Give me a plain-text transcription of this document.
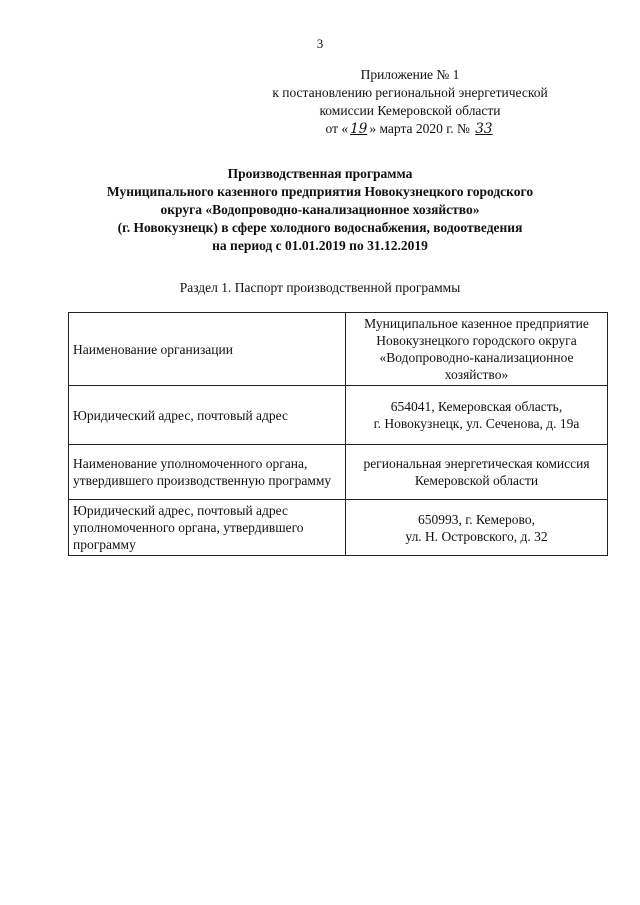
3
Приложение № 1
к постановлению региональной энергетической
комиссии Кемеровской области
от « 19 » марта 2020 г. № 33
Производственная программа
Муниципального казенного предприятия Новокузнецкого городского
округа «Водопроводно-канализационное хозяйство»
(г. Новокузнецк) в сфере холодного водоснабжения, водоотведения
на период с 01.01.2019 по 31.12.2019
Раздел 1. Паспорт производственной программы
Наименование организации	Муниципальное казенное предприятие
Новокузнецкого городского округа
«Водопроводно-канализационное
хозяйство»

Юридический адрес, почтовый адрес	654041, Кемеровская область,
г. Новокузнецк, ул. Сеченова, д. 19а

Наименование уполномоченного органа, утвердившего производственную программу	региональная энергетическая комиссия
Кемеровской области

Юридический адрес, почтовый адрес уполномоченного органа, утвердившего программу	650993, г. Кемерово,
ул. Н. Островского, д. 32
